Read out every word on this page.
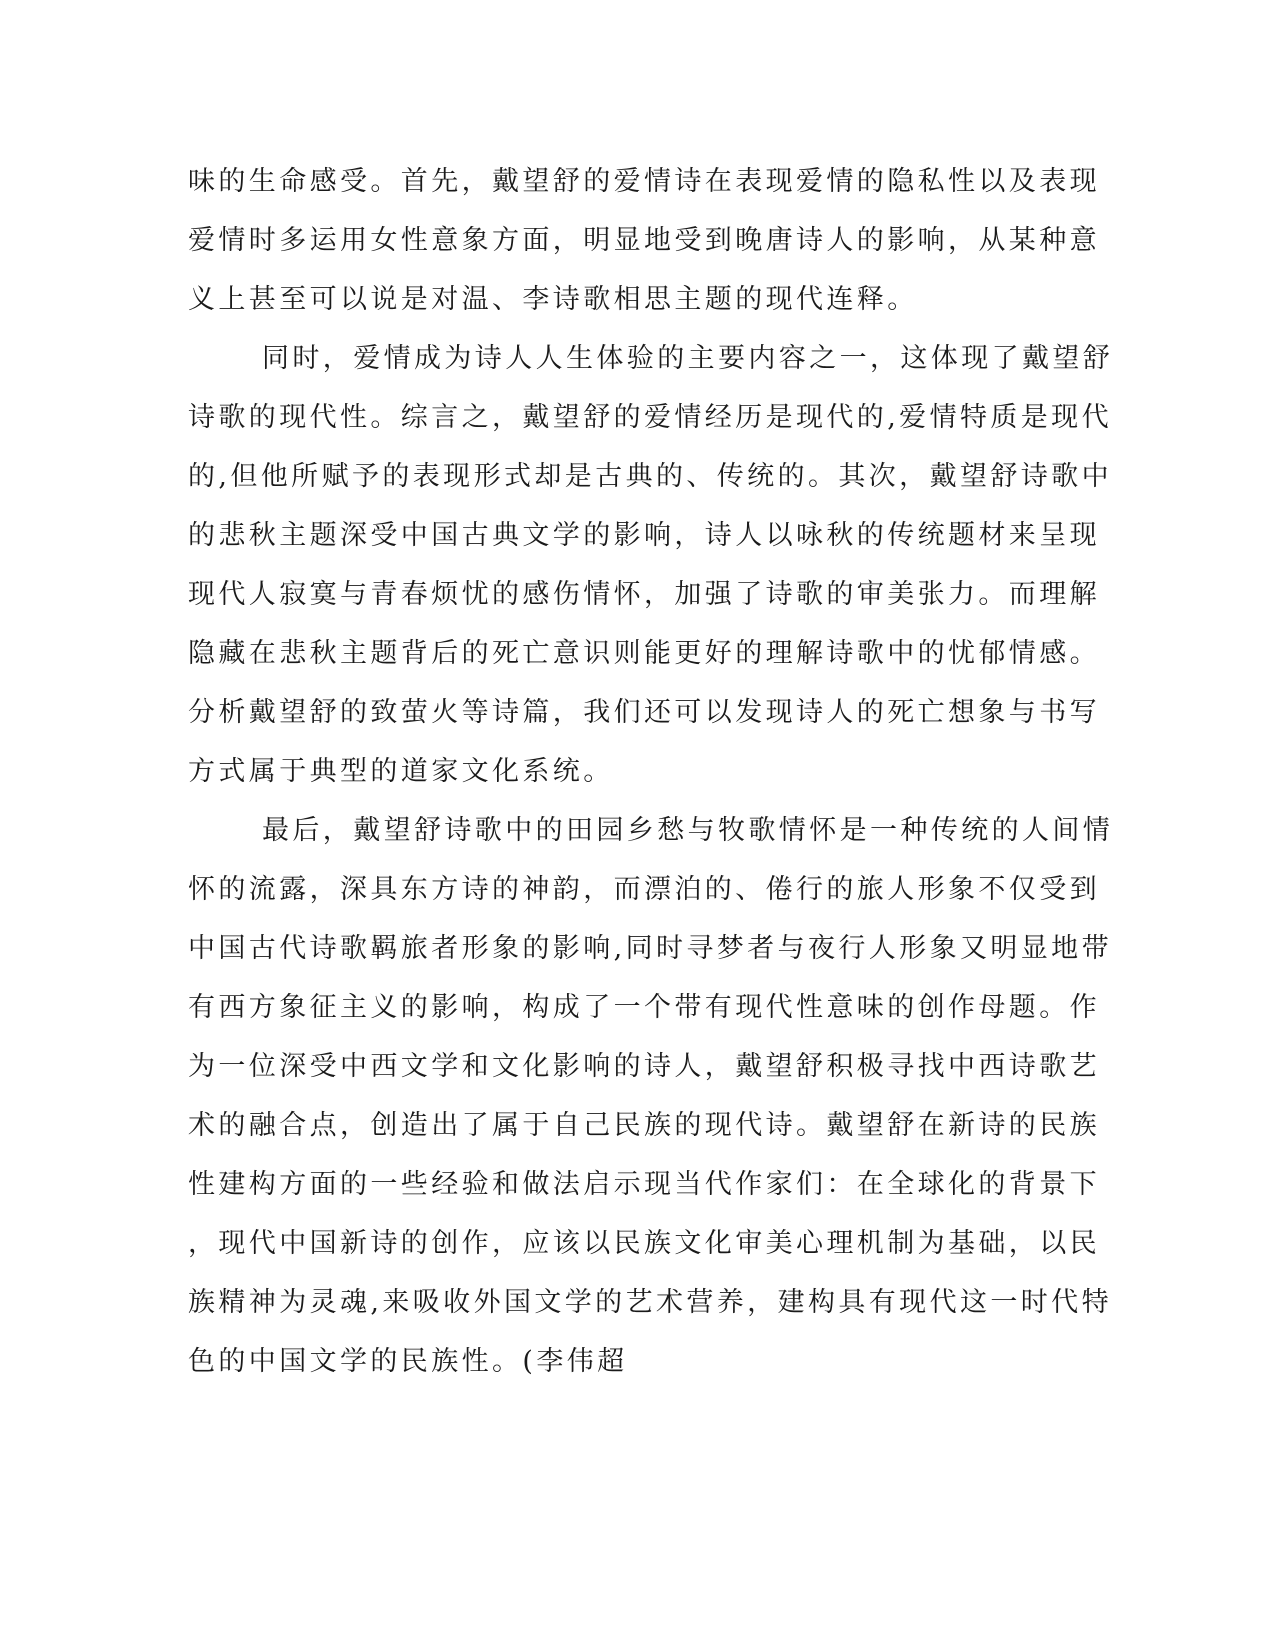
味的生命感受。首先，戴望舒的爱情诗在表现爱情的隐私性以及表现
爱情时多运用女性意象方面，明显地受到晚唐诗人的影响，从某种意
义上甚至可以说是对温、李诗歌相思主题的现代连释。
同时，爱情成为诗人人生体验的主要内容之一，这体现了戴望舒
诗歌的现代性。综言之，戴望舒的爱情经历是现代的,爱情特质是现代
的,但他所赋予的表现形式却是古典的、传统的。其次，戴望舒诗歌中
的悲秋主题深受中国古典文学的影响，诗人以咏秋的传统题材来呈现
现代人寂寞与青春烦忧的感伤情怀，加强了诗歌的审美张力。而理解
隐藏在悲秋主题背后的死亡意识则能更好的理解诗歌中的忧郁情感。
分析戴望舒的致萤火等诗篇，我们还可以发现诗人的死亡想象与书写
方式属于典型的道家文化系统。
最后，戴望舒诗歌中的田园乡愁与牧歌情怀是一种传统的人间情
怀的流露，深具东方诗的神韵，而漂泊的、倦行的旅人形象不仅受到
中国古代诗歌羁旅者形象的影响,同时寻梦者与夜行人形象又明显地带
有西方象征主义的影响，构成了一个带有现代性意味的创作母题。作
为一位深受中西文学和文化影响的诗人，戴望舒积极寻找中西诗歌艺
术的融合点，创造出了属于自己民族的现代诗。戴望舒在新诗的民族
性建构方面的一些经验和做法启示现当代作家们：在全球化的背景下
，现代中国新诗的创作，应该以民族文化审美心理机制为基础，以民
族精神为灵魂,来吸收外国文学的艺术营养，建构具有现代这一时代特
色的中国文学的民族性。(李伟超
